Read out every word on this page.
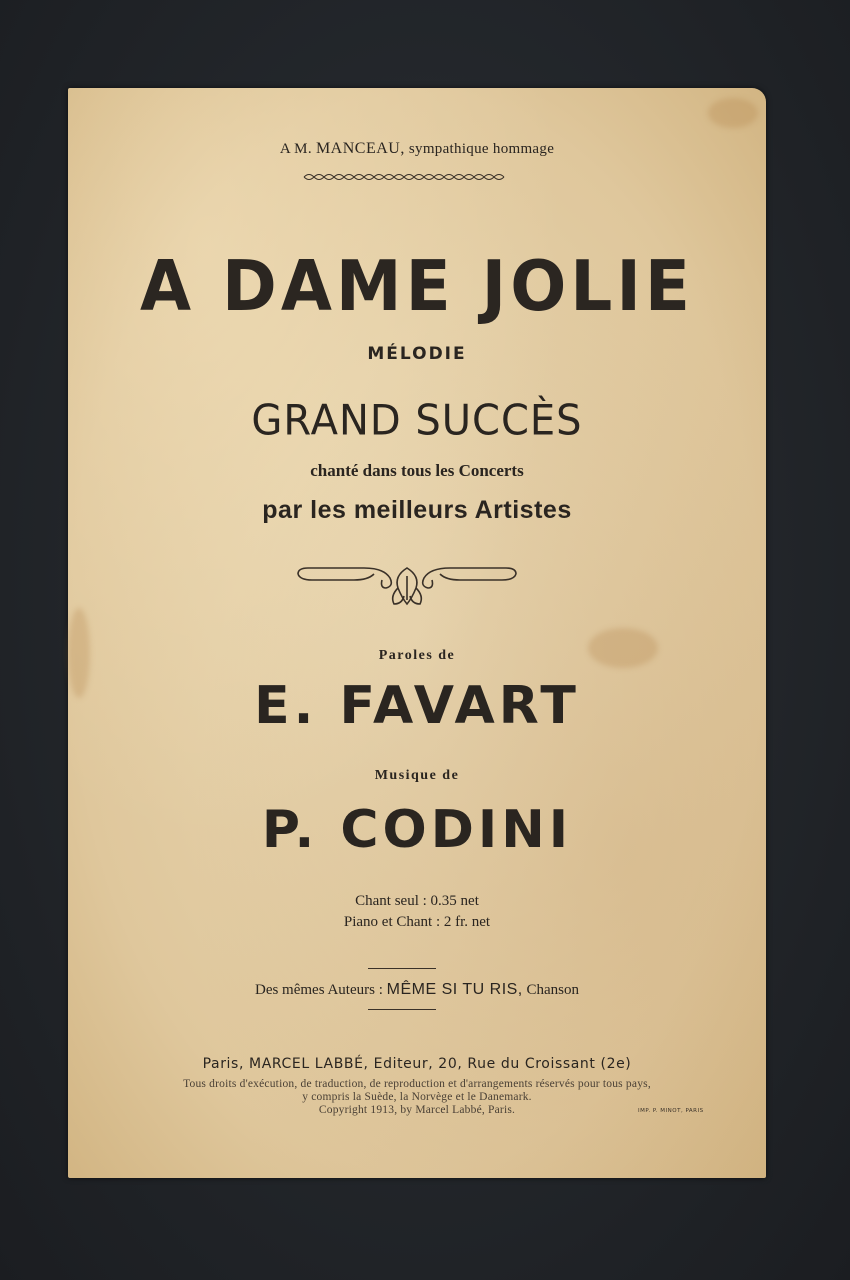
A M. MANCEAU, sympathique hommage
A DAME JOLIE
MÉLODIE
GRAND SUCCÈS
chanté dans tous les Concerts
par les meilleurs Artistes
Paroles de
E. FAVART
Musique de
P. CODINI
Chant seul : 0.35 net
Piano et Chant : 2 fr. net
Des mêmes Auteurs : MÊME SI TU RIS, Chanson
Paris, MARCEL LABBÉ, Editeur, 20, Rue du Croissant (2e)
Tous droits d'exécution, de traduction, de reproduction et d'arrangements réservés pour tous pays,
y compris la Suède, la Norvège et le Danemark.
Copyright 1913, by Marcel Labbé, Paris.	IMP. P. MINOT, PARIS
